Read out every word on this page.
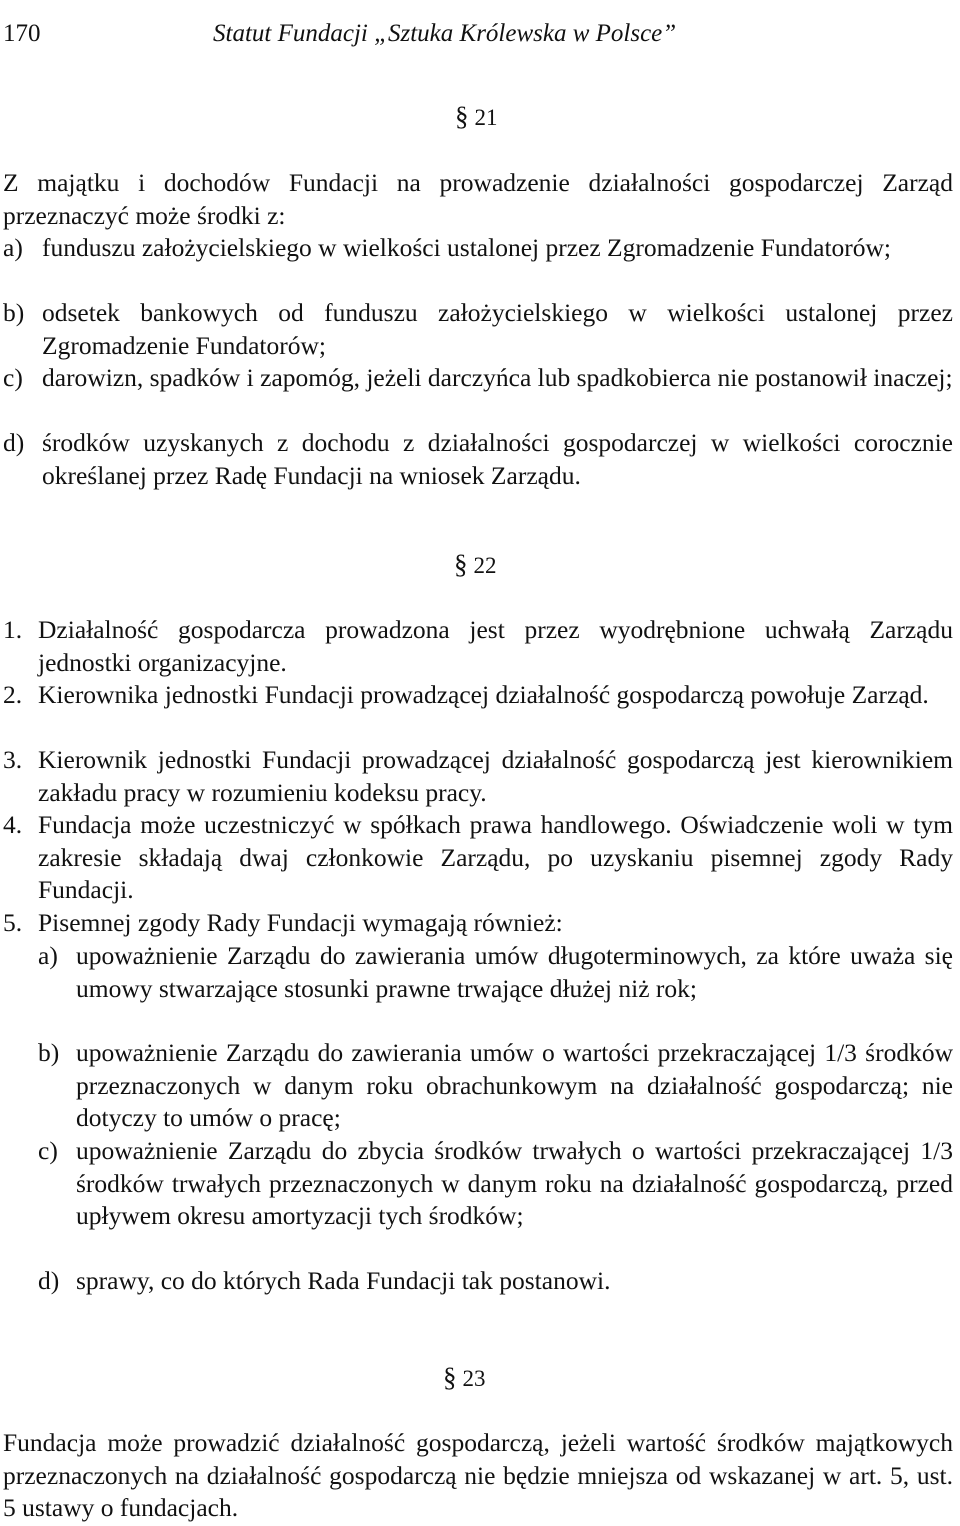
170	Statut Fundacji „Sztuka Królewska w Polsce”
§ 21

Z majątku i dochodów Fundacji na prowadzenie działalności gospodarczej Zarząd przeznaczyć może środki z:

a) funduszu założycielskiego w wielkości ustalonej przez Zgromadzenie Fundatorów;
b) odsetek bankowych od funduszu założycielskiego w wielkości ustalonej przez Zgromadzenie Fundatorów;
c) darowizn, spadków i zapomóg, jeżeli darczyńca lub spadkobierca nie postanowił inaczej;
d) środków uzyskanych z dochodu z działalności gospodarczej w wielkości corocznie określanej przez Radę Fundacji na wniosek Zarządu.
§ 22
1. Działalność gospodarcza prowadzona jest przez wyodrębnione uchwałą Zarządu jednostki organizacyjne.
2. Kierownika jednostki Fundacji prowadzącej działalność gospodarczą powołuje Zarząd.
3. Kierownik jednostki Fundacji prowadzącej działalność gospodarczą jest kierownikiem zakładu pracy w rozumieniu kodeksu pracy.
4. Fundacja może uczestniczyć w spółkach prawa handlowego. Oświadczenie woli w tym zakresie składają dwaj członkowie Zarządu, po uzyskaniu pisemnej zgody Rady Fundacji.
5. Pisemnej zgody Rady Fundacji wymagają również:
a) upoważnienie Zarządu do zawierania umów długoterminowych, za które uważa się umowy stwarzające stosunki prawne trwające dłużej niż rok;
b) upoważnienie Zarządu do zawierania umów o wartości przekraczającej 1/3 środków przeznaczonych w danym roku obrachunkowym na działalność gospodarczą; nie dotyczy to umów o pracę;
c) upoważnienie Zarządu do zbycia środków trwałych o wartości przekraczającej 1/3 środków trwałych przeznaczonych w danym roku na działalność gospodarczą, przed upływem okresu amortyzacji tych środków;
d) sprawy, co do których Rada Fundacji tak postanowi.
§ 23

Fundacja może prowadzić działalność gospodarczą, jeżeli wartość środków majątkowych przeznaczonych na działalność gospodarczą nie będzie mniejsza od wskazanej w art. 5, ust. 5 ustawy o fundacjach.
